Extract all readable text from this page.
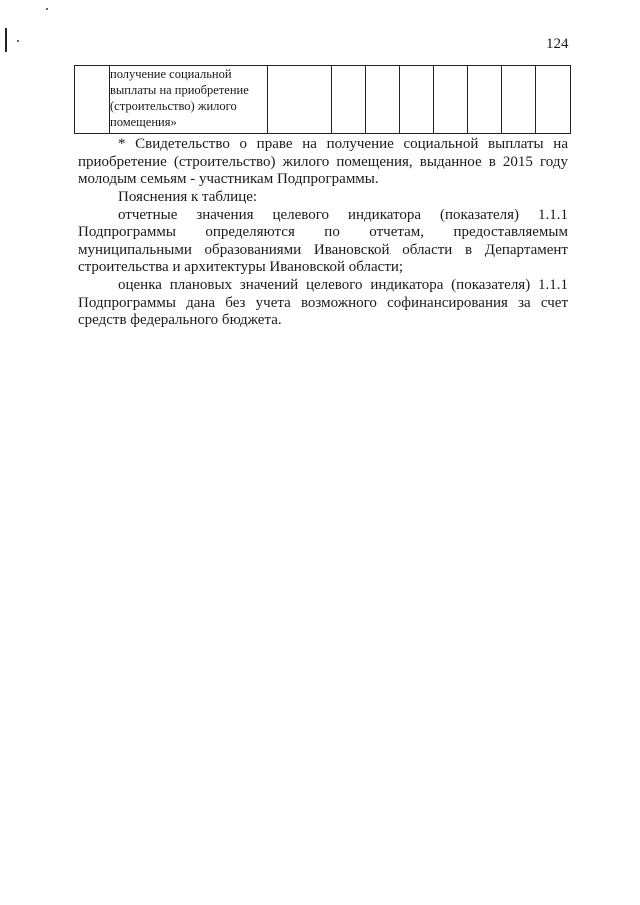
124
	получение социальной выплаты на приобретение (строительство) жилого помещения»								

* Свидетельство о праве на получение социальной выплаты на

приобретение (строительство) жилого помещения, выданное в 2015 году

молодым семьям - участникам Подпрограммы.

Пояснения к таблице:

отчетные значения целевого индикатора (показателя) 1.1.1

Подпрограммы определяются по отчетам, предоставляемым

муниципальными образованиями Ивановской области в Департамент

строительства и архитектуры Ивановской области;

оценка плановых значений целевого индикатора (показателя) 1.1.1

Подпрограммы дана без учета возможного софинансирования за счет

средств федерального бюджета.
